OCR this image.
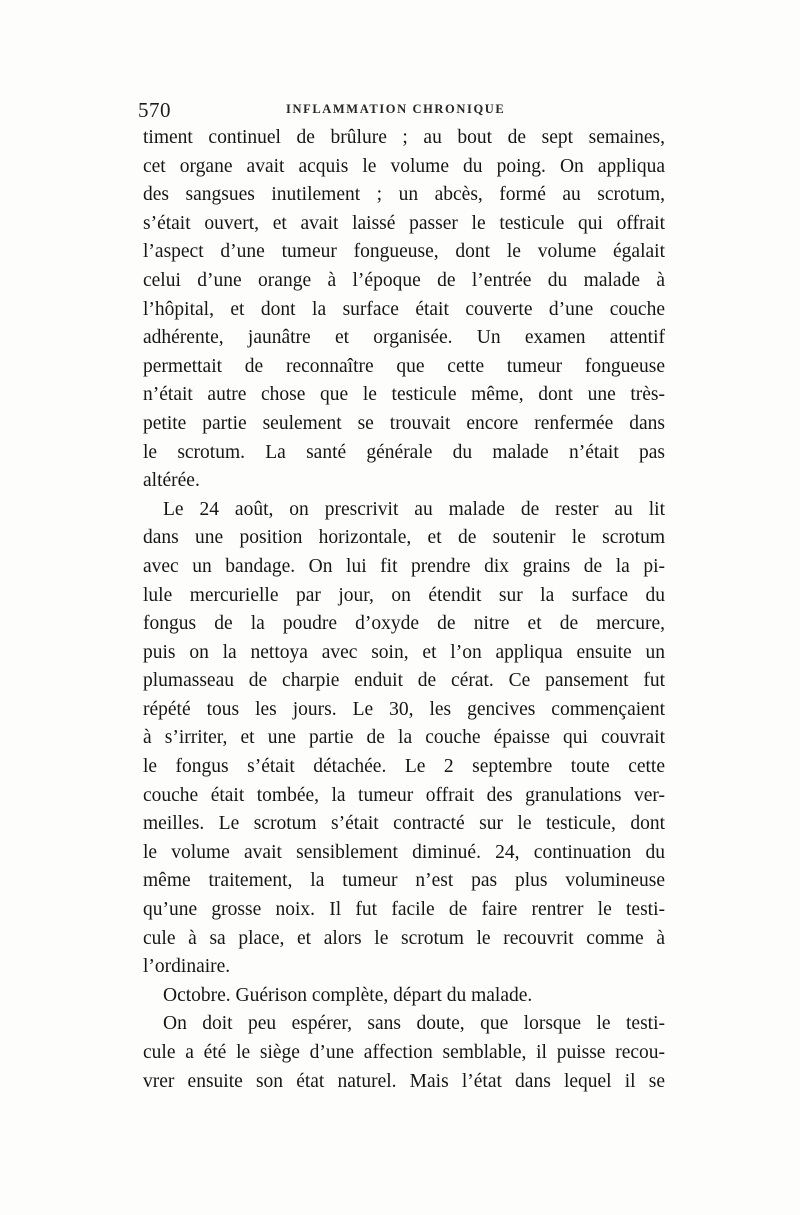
570	INFLAMMATION CHRONIQUE

timent continuel de brûlure ; au bout de sept semaines,

cet organe avait acquis le volume du poing. On appliqua

des sangsues inutilement ; un abcès, formé au scrotum,

s’était ouvert, et avait laissé passer le testicule qui offrait

l’aspect d’une tumeur fongueuse, dont le volume égalait

celui d’une orange à l’époque de l’entrée du malade à

l’hôpital, et dont la surface était couverte d’une couche

adhérente, jaunâtre et organisée. Un examen attentif

permettait de reconnaître que cette tumeur fongueuse

n’était autre chose que le testicule même, dont une très-

petite partie seulement se trouvait encore renfermée dans

le scrotum. La santé générale du malade n’était pas

altérée.

Le 24 août, on prescrivit au malade de rester au lit

dans une position horizontale, et de soutenir le scrotum

avec un bandage. On lui fit prendre dix grains de la pi-

lule mercurielle par jour, on étendit sur la surface du

fongus de la poudre d’oxyde de nitre et de mercure,

puis on la nettoya avec soin, et l’on appliqua ensuite un

plumasseau de charpie enduit de cérat. Ce pansement fut

répété tous les jours. Le 30, les gencives commençaient

à s’irriter, et une partie de la couche épaisse qui couvrait

le fongus s’était détachée. Le 2 septembre toute cette

couche était tombée, la tumeur offrait des granulations ver-

meilles. Le scrotum s’était contracté sur le testicule, dont

le volume avait sensiblement diminué. 24, continuation du

même traitement, la tumeur n’est pas plus volumineuse

qu’une grosse noix. Il fut facile de faire rentrer le testi-

cule à sa place, et alors le scrotum le recouvrit comme à

l’ordinaire.

Octobre. Guérison complète, départ du malade.

On doit peu espérer, sans doute, que lorsque le testi-

cule a été le siège d’une affection semblable, il puisse recou-

vrer ensuite son état naturel. Mais l’état dans lequel il se
